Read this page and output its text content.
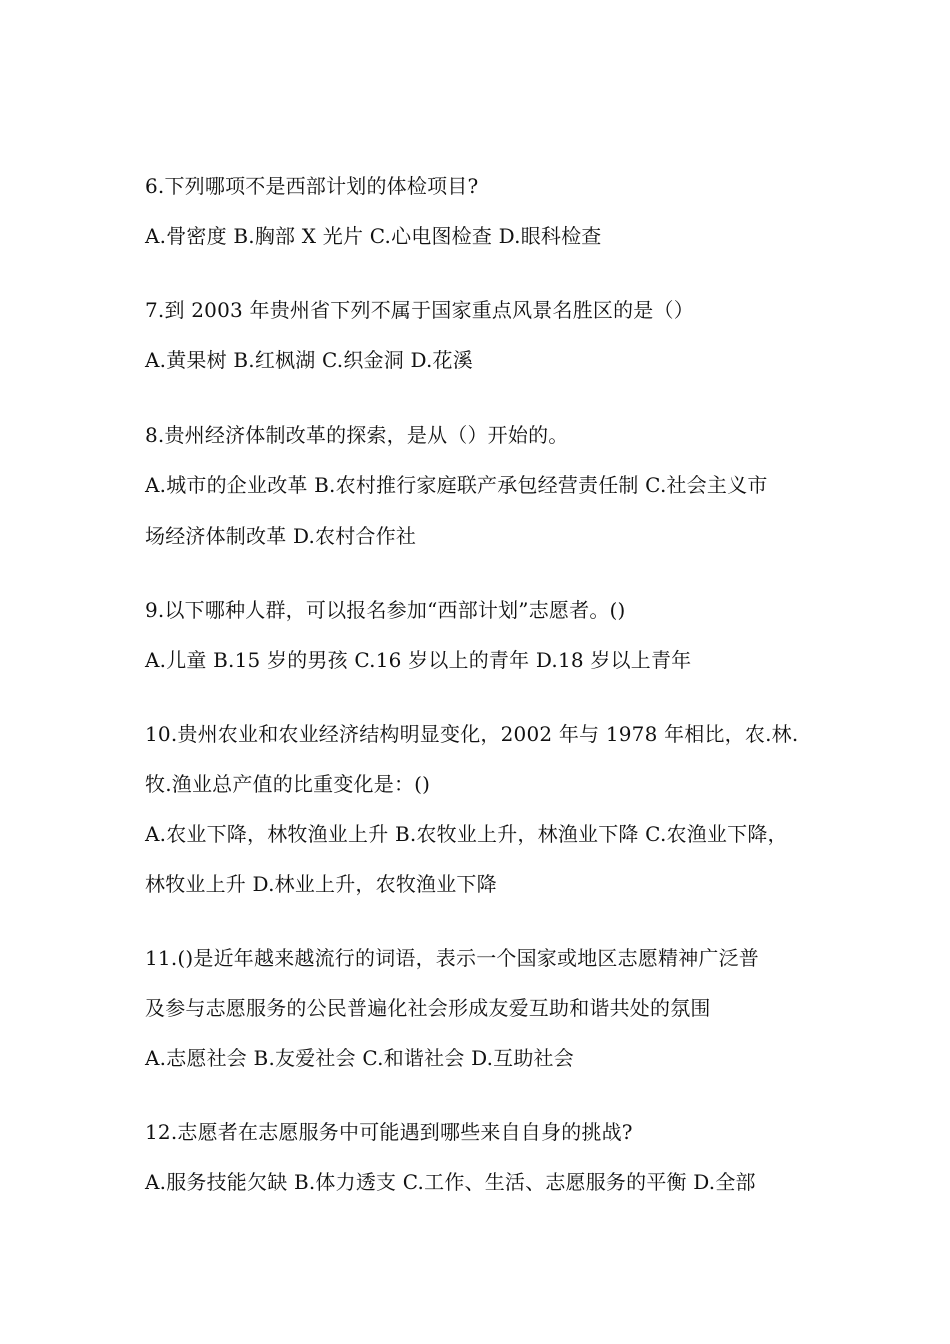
6.下列哪项不是西部计划的体检项目?
A.骨密度 B.胸部 X 光片 C.心电图检查 D.眼科检查
7.到 2003 年贵州省下列不属于国家重点风景名胜区的是（）
A.黄果树 B.红枫湖 C.织金洞 D.花溪
8.贵州经济体制改革的探索，是从（）开始的。
A.城市的企业改革 B.农村推行家庭联产承包经营责任制 C.社会主义市
场经济体制改革 D.农村合作社
9.以下哪种人群，可以报名参加“西部计划”志愿者。()
A.儿童 B.15 岁的男孩 C.16 岁以上的青年 D.18 岁以上青年
10.贵州农业和农业经济结构明显变化，2002 年与 1978 年相比，农.林.
牧.渔业总产值的比重变化是：()
A.农业下降，林牧渔业上升 B.农牧业上升，林渔业下降 C.农渔业下降，
林牧业上升 D.林业上升，农牧渔业下降
11.()是近年越来越流行的词语，表示一个国家或地区志愿精神广泛普
及参与志愿服务的公民普遍化社会形成友爱互助和谐共处的氛围
A.志愿社会 B.友爱社会 C.和谐社会 D.互助社会
12.志愿者在志愿服务中可能遇到哪些来自自身的挑战?
A.服务技能欠缺 B.体力透支 C.工作、生活、志愿服务的平衡 D.全部
